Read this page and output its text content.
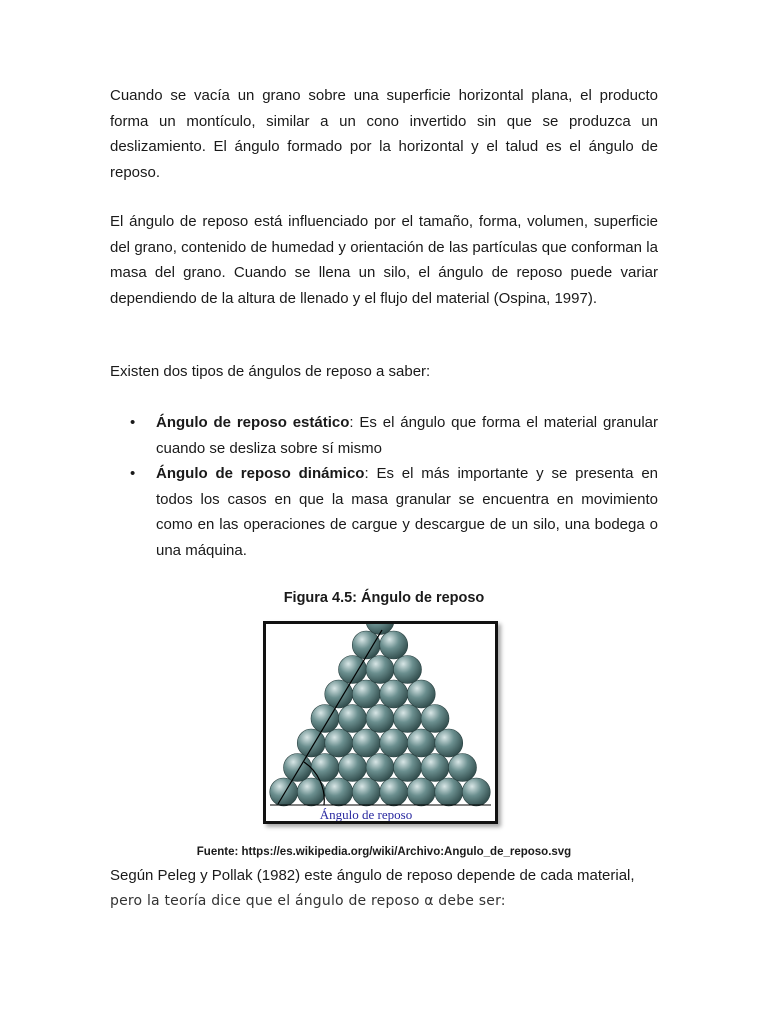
Cuando se vacía un grano sobre una superficie horizontal plana, el producto forma un montículo, similar a un cono invertido sin que se produzca un deslizamiento. El ángulo formado por la horizontal y el talud es el ángulo de reposo.

El ángulo de reposo está influenciado por el tamaño, forma, volumen, superficie del grano, contenido de humedad y orientación de las partículas que conforman la masa del grano. Cuando se llena un silo, el ángulo de reposo puede variar dependiendo de la altura de llenado y el flujo del material (Ospina, 1997).

Existen dos tipos de ángulos de reposo a saber:

• Ángulo de reposo estático: Es el ángulo que forma el material granular cuando se desliza sobre sí mismo
• Ángulo de reposo dinámico: Es el más importante y se presenta en todos los casos en que la masa granular se encuentra en movimiento como en las operaciones de cargue y descargue de un silo, una bodega o una máquina.
Figura 4.5: Ángulo de reposo
Ángulo de reposo
Fuente: https://es.wikipedia.org/wiki/Archivo:Angulo_de_reposo.svg

Según Peleg y Pollak (1982) este ángulo de reposo depende de cada material,

pero la teoría dice que el ángulo de reposo α debe ser:
